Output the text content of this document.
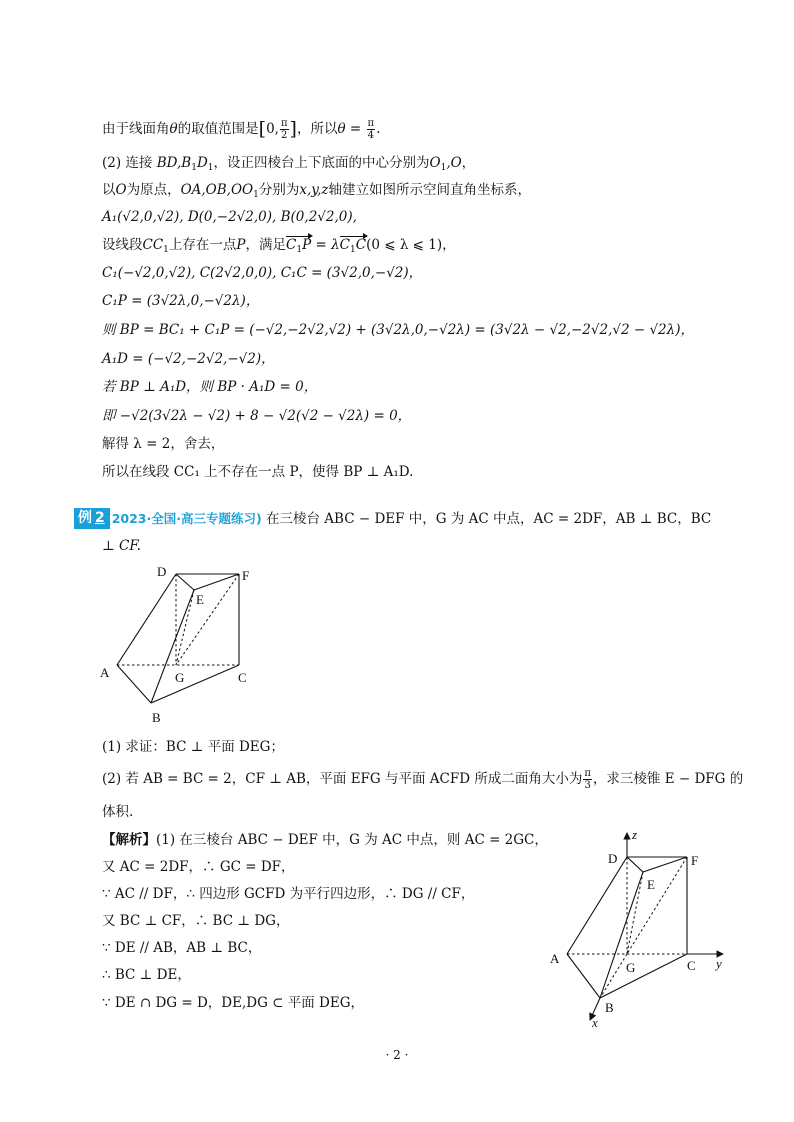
由于线面角θ的取值范围是[0, $\frac{\pi}{2}$ ]，所以$\theta = \frac{\pi}{4}$ .
(2) 连接 $BD,B_1D_1$，设正四棱台上下底面的中心分别为$O_1,O$，
以O为原点，$OA,OB,OO_1$分别为x,y,z轴建立如图所示空间直角坐标系，
A₁(√2,0,√2), D(0,−2√2,0), B(0,2√2,0),
设线段$CC_1$上存在一点P，满足$C_1P = \lambda C_1C(0$ ⩽ λ ⩽ 1)，
C₁(−√2,0,√2), C(2√2,0,0), C₁C = (3√2,0,−√2)，
C₁P = (3√2λ,0,−√2λ)，
则 BP = BC₁ + C₁P = (−√2,−2√2,√2) + (3√2λ,0,−√2λ) = (3√2λ − √2,−2√2,√2 − √2λ)，
A₁D = (−√2,−2√2,−√2)，
若 BP ⊥ A₁D，则 BP · A₁D = 0，
即 −√2(3√2λ − √2) + 8 − √2(√2 − √2λ) = 0，
解得 λ = 2，舍去，
所以在线段 CC₁ 上不存在一点 P，使得 BP ⊥ A₁D.
例 2 (2023·全国·高三专题练习) 在三棱台 ABC − DEF 中，G 为 AC 中点，AC = 2DF，AB ⊥ BC，BC
⊥ CF.
D
E
F
A	G	C
B
(1) 求证：BC ⊥ 平面 DEG；
(2) 若 AB = BC = 2，CF ⊥ AB，平面 EFG 与平面 ACFD 所成二面角大小为 $\frac{\pi}{3}$ ，求三棱锥 E − DFG 的
体积.
【解析】(1) 在三棱台 ABC − DEF 中，G 为 AC 中点，则 AC = 2GC，
又 AC = 2DF，∴ GC = DF，
∵ AC // DF，∴ 四边形 GCFD 为平行四边形，∴ DG // CF，
又 BC ⊥ CF，∴ BC ⊥ DG，
∵ DE // AB，AB ⊥ BC，
∴ BC ⊥ DE，
∵ DE ∩ DG = D，DE,DG ⊂ 平面 DEG，
z
D
E
F
A
G	C y
B
x
· 2 ·
